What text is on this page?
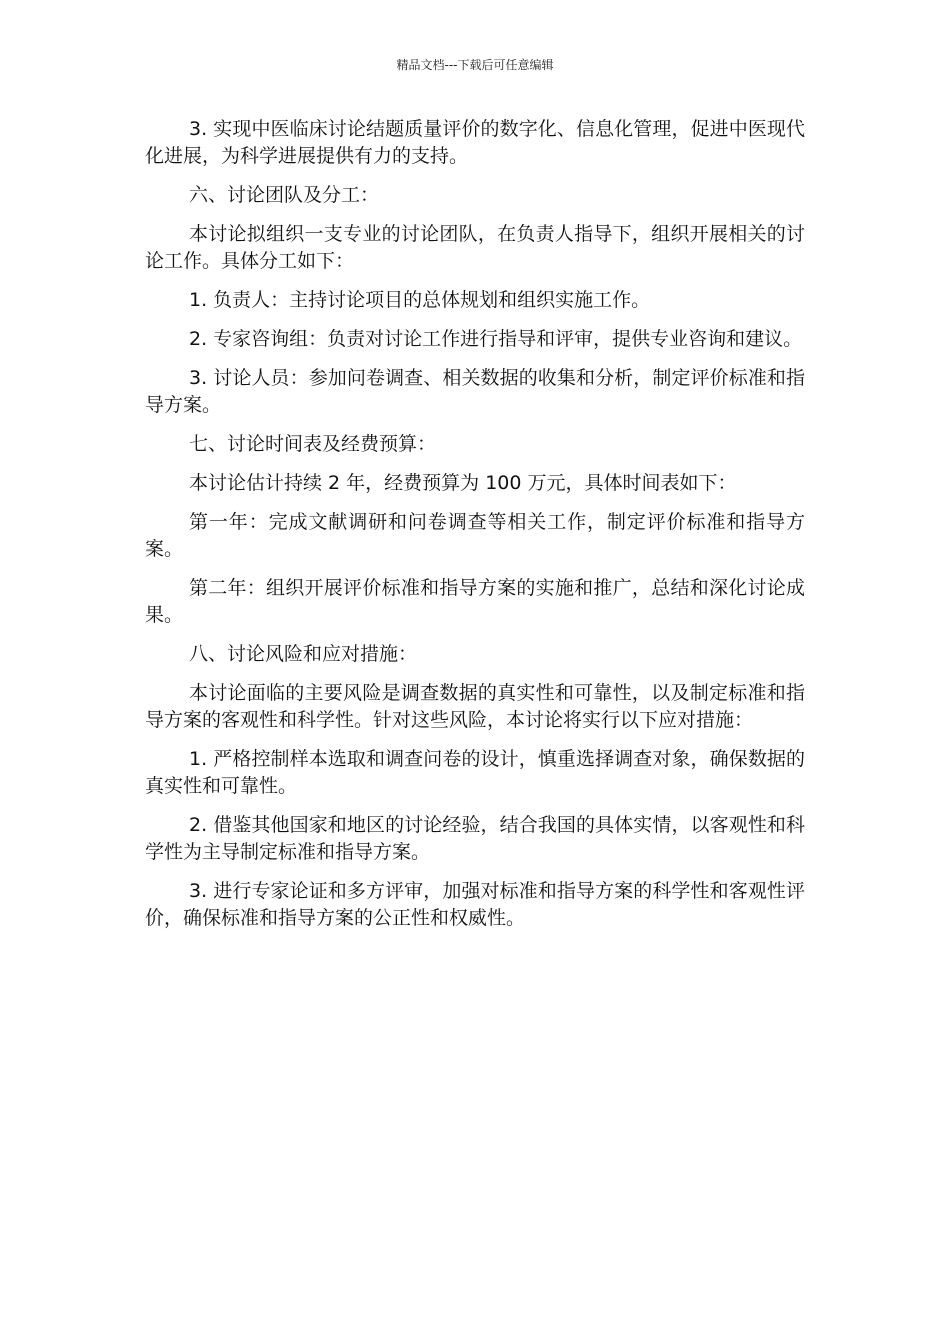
精品文档---下载后可任意编辑

3. 实现中医临床讨论结题质量评价的数字化、信息化管理，促进中医现代化进展，为科学进展提供有力的支持。

六、讨论团队及分工：

本讨论拟组织一支专业的讨论团队，在负责人指导下，组织开展相关的讨论工作。具体分工如下：

1. 负责人：主持讨论项目的总体规划和组织实施工作。

2. 专家咨询组：负责对讨论工作进行指导和评审，提供专业咨询和建议。

3. 讨论人员：参加问卷调查、相关数据的收集和分析，制定评价标准和指导方案。

七、讨论时间表及经费预算：

本讨论估计持续 2 年，经费预算为 100 万元，具体时间表如下：

第一年：完成文献调研和问卷调查等相关工作，制定评价标准和指导方案。

第二年：组织开展评价标准和指导方案的实施和推广，总结和深化讨论成果。

八、讨论风险和应对措施：

本讨论面临的主要风险是调查数据的真实性和可靠性，以及制定标准和指导方案的客观性和科学性。针对这些风险，本讨论将实行以下应对措施：

1. 严格控制样本选取和调查问卷的设计，慎重选择调查对象，确保数据的真实性和可靠性。

2. 借鉴其他国家和地区的讨论经验，结合我国的具体实情，以客观性和科学性为主导制定标准和指导方案。

3. 进行专家论证和多方评审，加强对标准和指导方案的科学性和客观性评价，确保标准和指导方案的公正性和权威性。
